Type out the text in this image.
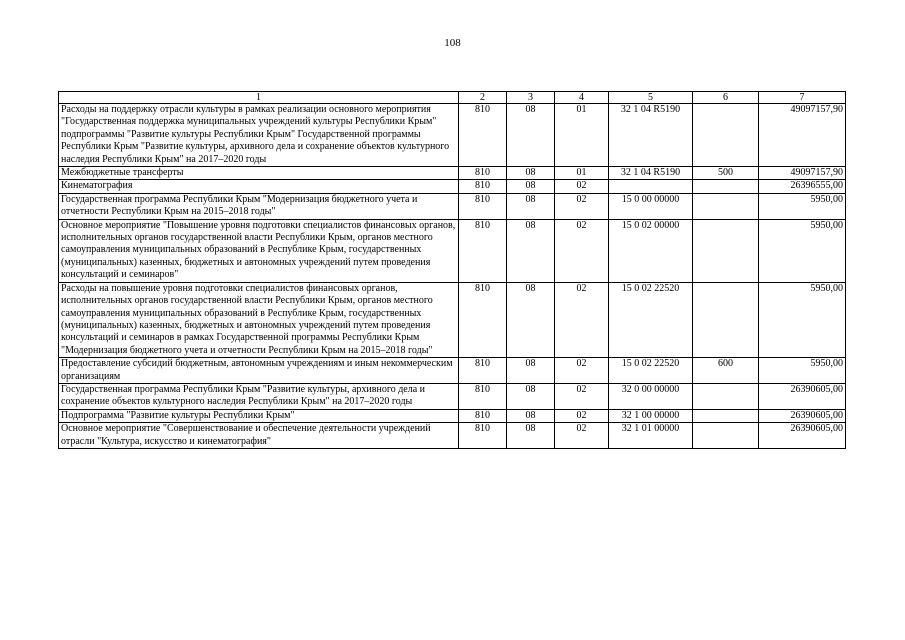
108
1	2	3	4	5	6	7
Расходы на поддержку отрасли культуры в рамках реализации основного мероприятия "Государственная поддержка муниципальных учреждений культуры Республики Крым" подпрограммы "Развитие культуры Республики Крым" Государственной программы Республики Крым "Развитие культуры, архивного дела и сохранение объектов культурного наследия Республики Крым" на 2017–2020 годы	810	08	01	32 1 04 R5190		49097157,90
Межбюджетные трансферты	810	08	01	32 1 04 R5190	500	49097157,90
Кинематография	810	08	02			26396555,00
Государственная программа Республики Крым "Модернизация бюджетного учета и отчетности Республики Крым на 2015–2018 годы"	810	08	02	15 0 00 00000		5950,00
Основное мероприятие "Повышение уровня подготовки специалистов финансовых органов, исполнительных органов государственной власти Республики Крым, органов местного самоуправления муниципальных образований в Республике Крым, государственных (муниципальных) казенных, бюджетных и автономных учреждений путем проведения консультаций и семинаров"	810	08	02	15 0 02 00000		5950,00
Расходы на повышение уровня подготовки специалистов финансовых органов, исполнительных органов государственной власти Республики Крым, органов местного самоуправления муниципальных образований в Республике Крым, государственных (муниципальных) казенных, бюджетных и автономных учреждений путем проведения консультаций и семинаров в рамках Государственной программы Республики Крым "Модернизация бюджетного учета и отчетности Республики Крым на 2015–2018 годы"	810	08	02	15 0 02 22520		5950,00
Предоставление субсидий бюджетным, автономным учреждениям и иным некоммерческим организациям	810	08	02	15 0 02 22520	600	5950,00
Государственная программа Республики Крым "Развитие культуры, архивного дела и сохранение объектов культурного наследия Республики Крым" на 2017–2020 годы	810	08	02	32 0 00 00000		26390605,00
Подпрограмма "Развитие культуры Республики Крым"	810	08	02	32 1 00 00000		26390605,00
Основное мероприятие "Совершенствование и обеспечение деятельности учреждений отрасли "Культура, искусство и кинематография"	810	08	02	32 1 01 00000		26390605,00
